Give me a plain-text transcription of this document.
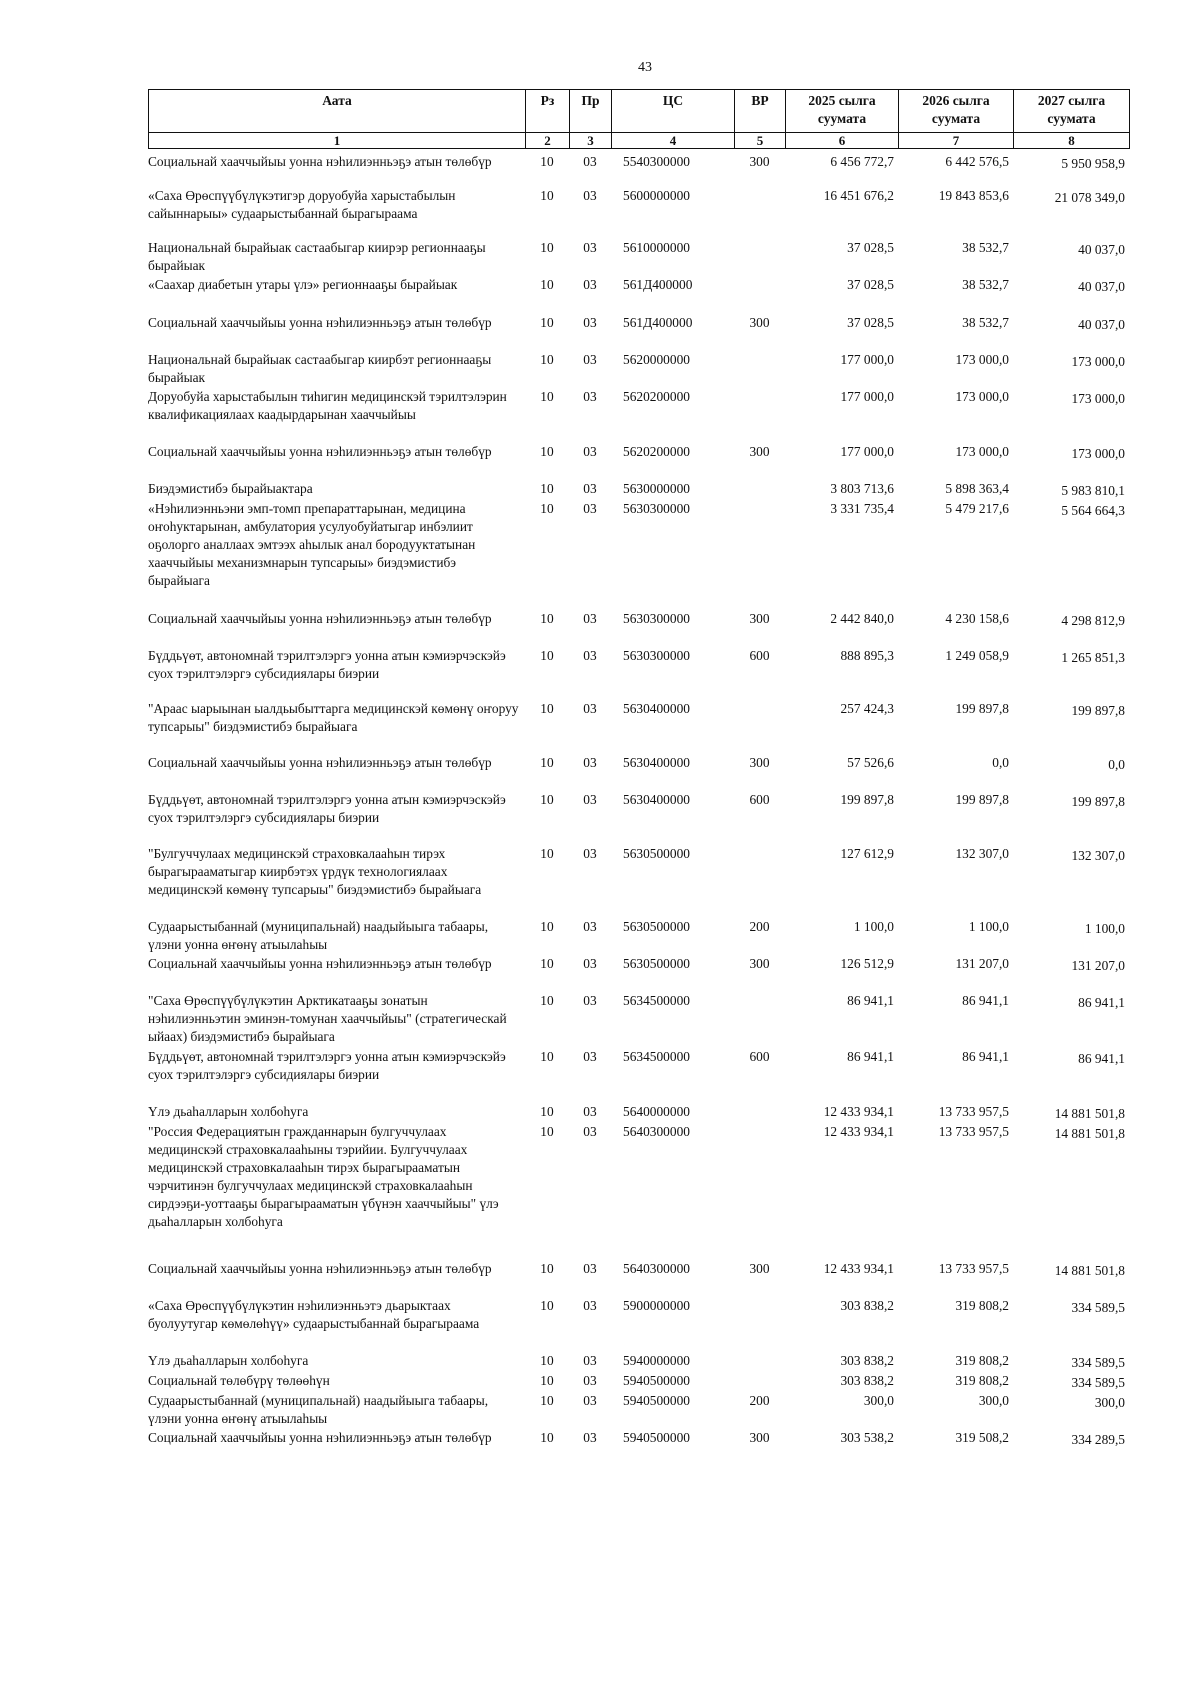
43
Аата	Рз	Пр	ЦС	ВР	2025 сылга суумата	2026 сылга суумата	2027 сылга суумата
1	2	3	4	5	6	7	8
Социальнай хааччыйыы уонна нэһилиэнньэҕэ атын төлөбүр	10	03	5540300000	300	6 456 772,7	6 442 576,5	5 950 958,9
«Саха Өрөспүүбүлүкэтигэр доруобуйа харыстабылын сайыннарыы» судаарыстыбаннай бырагыраама	10	03	5600000000		16 451 676,2	19 843 853,6	21 078 349,0
Национальнай бырайыак састаабыгар киирэр регионнааҕы бырайыак	10	03	5610000000		37 028,5	38 532,7	40 037,0
«Саахар диабетын утары үлэ» регионнааҕы бырайыак	10	03	561Д400000		37 028,5	38 532,7	40 037,0
Социальнай хааччыйыы уонна нэһилиэнньэҕэ атын төлөбүр	10	03	561Д400000	300	37 028,5	38 532,7	40 037,0
Национальнай бырайыак састаабыгар киирбэт регионнааҕы бырайыак	10	03	5620000000		177 000,0	173 000,0	173 000,0
Доруобуйа харыстабылын тиһигин медицинскэй тэрилтэлэрин квалификациялаах каадырдарынан хааччыйыы	10	03	5620200000		177 000,0	173 000,0	173 000,0
Социальнай хааччыйыы уонна нэһилиэнньэҕэ атын төлөбүр	10	03	5620200000	300	177 000,0	173 000,0	173 000,0
Биэдэмистибэ бырайыактара	10	03	5630000000		3 803 713,6	5 898 363,4	5 983 810,1
«Нэһилиэнньэни эмп-томп препараттарынан, медицина оҥоһуктарынан, амбулатория усулуобуйатыгар инбэлиит оҕолорго аналлаах эмтээх аһылык анал бородууктатынан хааччыйыы механизмнарын тупсарыы» биэдэмистибэ бырайыага	10	03	5630300000		3 331 735,4	5 479 217,6	5 564 664,3
Социальнай хааччыйыы уонна нэһилиэнньэҕэ атын төлөбүр	10	03	5630300000	300	2 442 840,0	4 230 158,6	4 298 812,9
Бүддьүөт, автономнай тэрилтэлэргэ уонна атын кэмиэрчэскэйэ суох тэрилтэлэргэ субсидиялары биэрии	10	03	5630300000	600	888 895,3	1 249 058,9	1 265 851,3
"Араас ыарыынан ыалдьыбыттарга медицинскэй көмөнү оҥоруу тупсарыы" биэдэмистибэ бырайыага	10	03	5630400000		257 424,3	199 897,8	199 897,8
Социальнай хааччыйыы уонна нэһилиэнньэҕэ атын төлөбүр	10	03	5630400000	300	57 526,6	0,0	0,0
Бүддьүөт, автономнай тэрилтэлэргэ уонна атын кэмиэрчэскэйэ суох тэрилтэлэргэ субсидиялары биэрии	10	03	5630400000	600	199 897,8	199 897,8	199 897,8
"Булгуччулаах медицинскэй страховкалааһын тирэх бырагырааматыгар киирбэтэх үрдүк технологиялаах медицинскэй көмөнү тупсарыы" биэдэмистибэ бырайыага	10	03	5630500000		127 612,9	132 307,0	132 307,0
Судаарыстыбаннай (муниципальнай) наадыйыыга табаары, үлэни уонна өҥөнү атыылаһыы	10	03	5630500000	200	1 100,0	1 100,0	1 100,0
Социальнай хааччыйыы уонна нэһилиэнньэҕэ атын төлөбүр	10	03	5630500000	300	126 512,9	131 207,0	131 207,0
"Саха Өрөспүүбүлүкэтин Арктикатааҕы зонатын нэһилиэнньэтин эминэн-томунан хааччыйыы" (стратегическай ыйаах) биэдэмистибэ бырайыага	10	03	5634500000		86 941,1	86 941,1	86 941,1
Бүддьүөт, автономнай тэрилтэлэргэ уонна атын кэмиэрчэскэйэ суох тэрилтэлэргэ субсидиялары биэрии	10	03	5634500000	600	86 941,1	86 941,1	86 941,1
Үлэ дьаһалларын холбоһуга	10	03	5640000000		12 433 934,1	13 733 957,5	14 881 501,8
"Россия Федерациятын гражданнарын булгуччулаах медицинскэй страховкалааһыны тэрийии. Булгуччулаах медицинскэй страховкалааһын тирэх бырагырааматын чэрчитинэн булгуччулаах медицинскэй страховкалааһын сирдээҕи-уоттааҕы бырагырааматын үбүнэн хааччыйыы" үлэ дьаһалларын холбоһуга	10	03	5640300000		12 433 934,1	13 733 957,5	14 881 501,8
Социальнай хааччыйыы уонна нэһилиэнньэҕэ атын төлөбүр	10	03	5640300000	300	12 433 934,1	13 733 957,5	14 881 501,8
«Саха Өрөспүүбүлүкэтин нэһилиэнньэтэ дьарыктаах буолуутугар көмөлөһүү» судаарыстыбаннай бырагыраама	10	03	5900000000		303 838,2	319 808,2	334 589,5
Үлэ дьаһалларын холбоһуга	10	03	5940000000		303 838,2	319 808,2	334 589,5
Социальнай төлөбүрү төлөөһүн	10	03	5940500000		303 838,2	319 808,2	334 589,5
Судаарыстыбаннай (муниципальнай) наадыйыыга табаары, үлэни уонна өҥөнү атыылаһыы	10	03	5940500000	200	300,0	300,0	300,0
Социальнай хааччыйыы уонна нэһилиэнньэҕэ атын төлөбүр	10	03	5940500000	300	303 538,2	319 508,2	334 289,5
